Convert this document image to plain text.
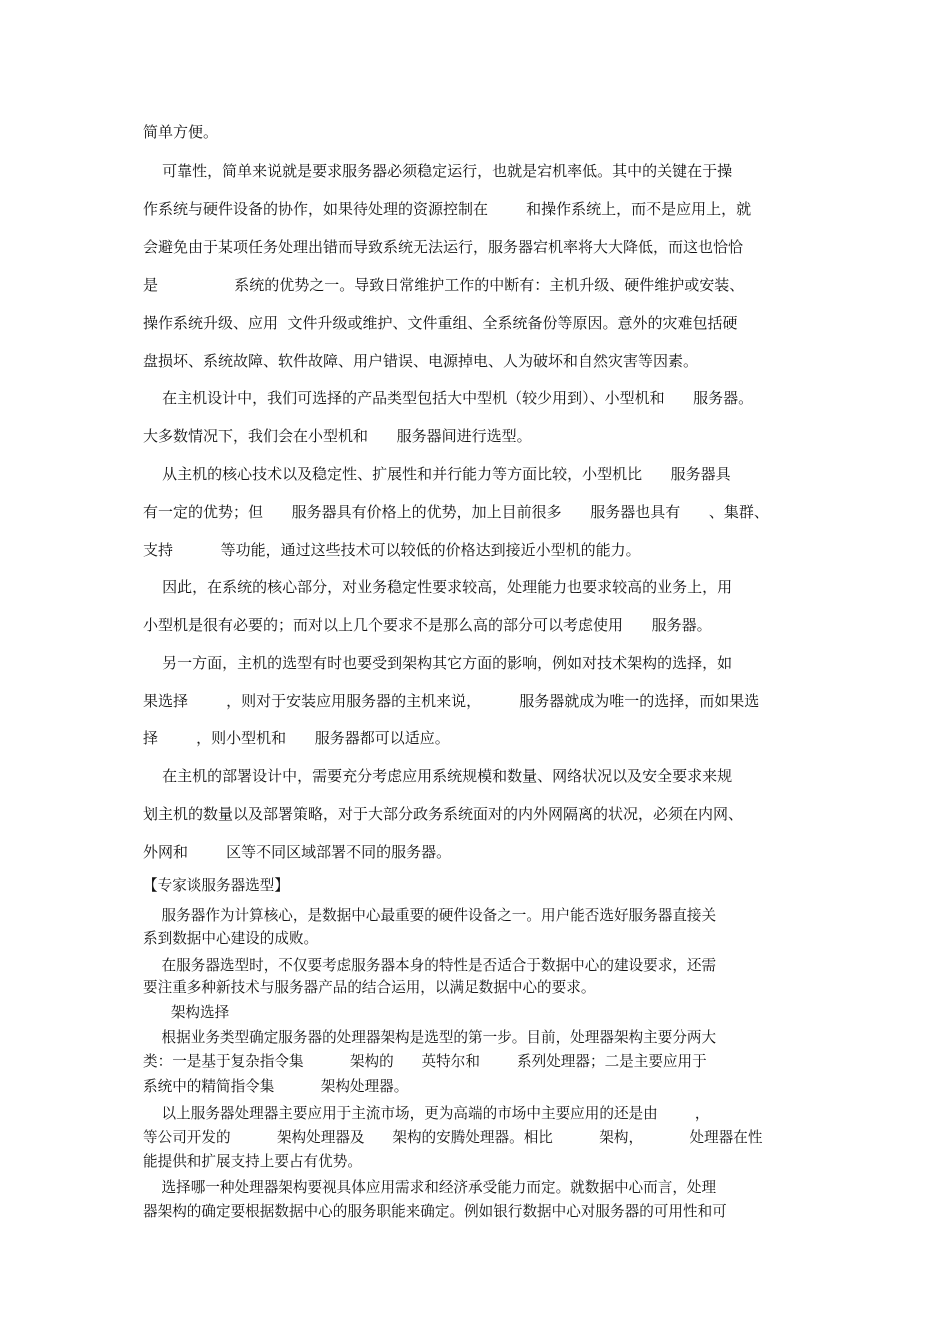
简单方便。
可靠性，简单来说就是要求服务器必须稳定运行，也就是宕机率低。其中的关键在于操
作系统与硬件设备的协作，如果待处理的资源控制在        和操作系统上，而不是应用上，就
会避免由于某项任务处理出错而导致系统无法运行，服务器宕机率将大大降低，而这也恰恰
是                系统的优势之一。导致日常维护工作的中断有：主机升级、硬件维护或安装、
操作系统升级、应用  文件升级或维护、文件重组、全系统备份等原因。意外的灾难包括硬
盘损坏、系统故障、软件故障、用户错误、电源掉电、人为破坏和自然灾害等因素。
在主机设计中，我们可选择的产品类型包括大中型机（较少用到）、小型机和      服务器。
大多数情况下，我们会在小型机和      服务器间进行选型。
从主机的核心技术以及稳定性、扩展性和并行能力等方面比较，小型机比      服务器具
有一定的优势；但      服务器具有价格上的优势，加上目前很多      服务器也具有      、集群、
支持          等功能，通过这些技术可以较低的价格达到接近小型机的能力。
因此，在系统的核心部分，对业务稳定性要求较高，处理能力也要求较高的业务上，用
小型机是很有必要的；而对以上几个要求不是那么高的部分可以考虑使用      服务器。
另一方面，主机的选型有时也要受到架构其它方面的影响，例如对技术架构的选择，如
果选择        ，则对于安装应用服务器的主机来说，        服务器就成为唯一的选择，而如果选
择        ，则小型机和      服务器都可以适应。
在主机的部署设计中，需要充分考虑应用系统规模和数量、网络状况以及安全要求来规
划主机的数量以及部署策略，对于大部分政务系统面对的内外网隔离的状况，必须在内网、
外网和        区等不同区域部署不同的服务器。
【专家谈服务器选型】
服务器作为计算核心，是数据中心最重要的硬件设备之一。用户能否选好服务器直接关
系到数据中心建设的成败。
在服务器选型时，不仅要考虑服务器本身的特性是否适合于数据中心的建设要求，还需
要注重多种新技术与服务器产品的结合运用，以满足数据中心的要求。
架构选择
根据业务类型确定服务器的处理器架构是选型的第一步。目前，处理器架构主要分两大
类：一是基于复杂指令集          架构的      英特尔和        系列处理器；二是主要应用于
系统中的精简指令集          架构处理器。
以上服务器处理器主要应用于主流市场，更为高端的市场中主要应用的还是由        ，
等公司开发的          架构处理器及      架构的安腾处理器。相比          架构，          处理器在性
能提供和扩展支持上要占有优势。
选择哪一种处理器架构要视具体应用需求和经济承受能力而定。就数据中心而言，处理
器架构的确定要根据数据中心的服务职能来确定。例如银行数据中心对服务器的可用性和可
